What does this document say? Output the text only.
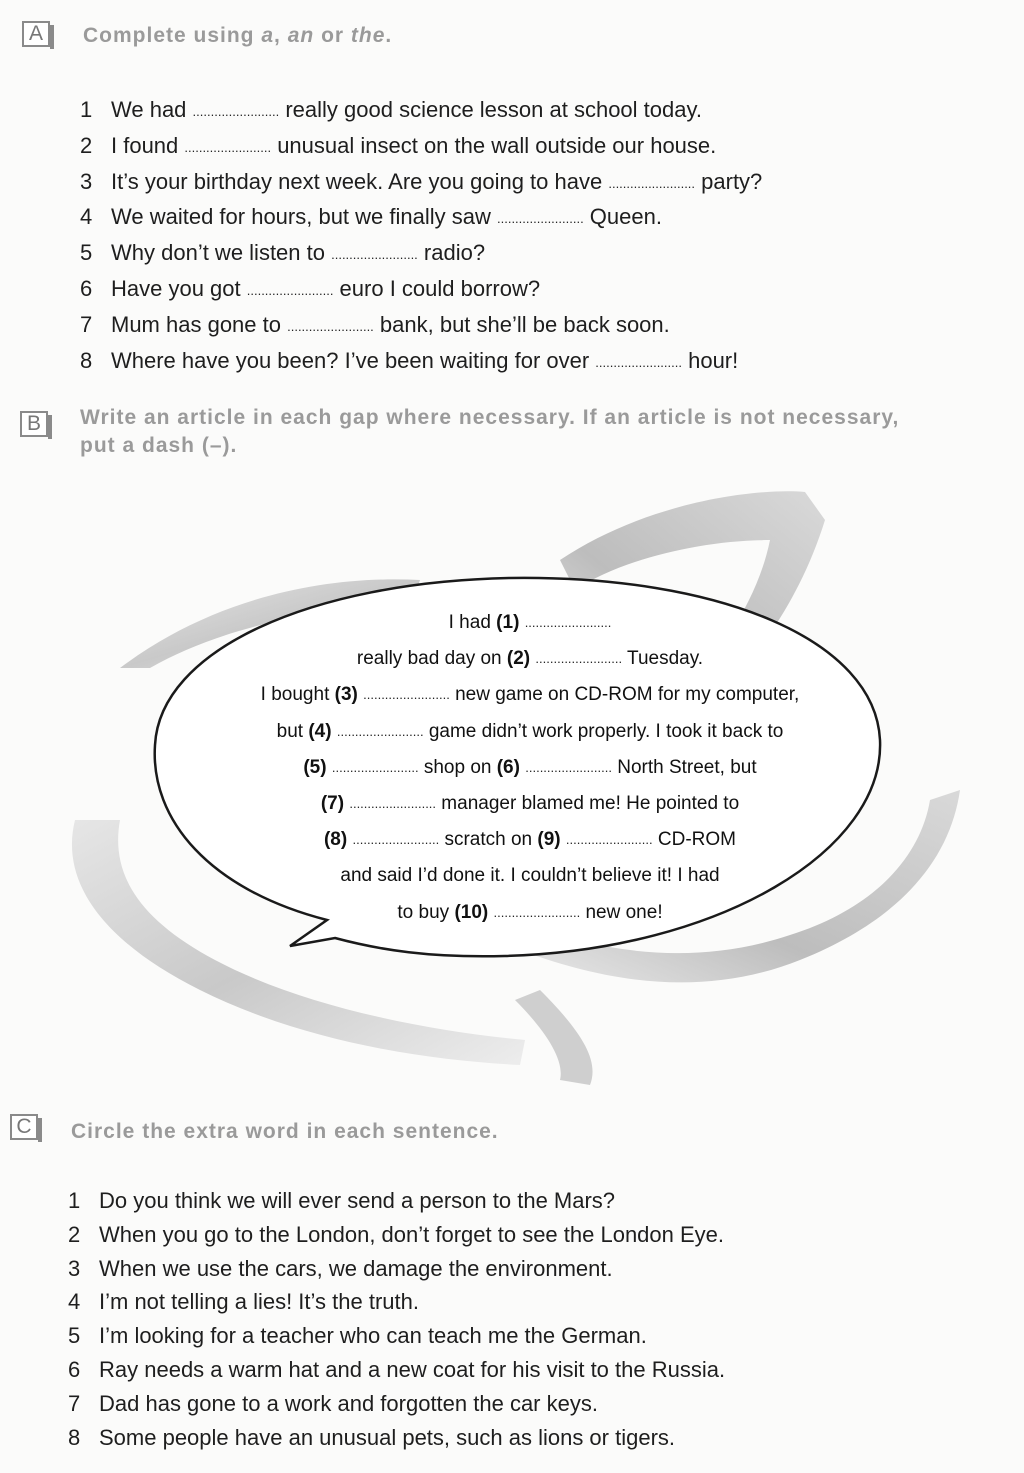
A	Complete using a, an or the.
1 We had ........................ really good science lesson at school today.
2 I found ........................ unusual insect on the wall outside our house.
3 It’s your birthday next week. Are you going to have ........................ party?
4 We waited for hours, but we finally saw ........................ Queen.
5 Why don’t we listen to ........................ radio?
6 Have you got ........................ euro I could borrow?
7 Mum has gone to ........................ bank, but she’ll be back soon.
8 Where have you been? I’ve been waiting for over ........................ hour!
B	Write an article in each gap where necessary. If an article is not necessary,
put a dash (–).
I had (1) ........................
really bad day on (2) ........................ Tuesday.
I bought (3) ........................ new game on CD-ROM for my computer,
but (4) ........................ game didn’t work properly. I took it back to
(5) ........................ shop on (6) ........................ North Street, but
(7) ........................ manager blamed me! He pointed to
(8) ........................ scratch on (9) ........................ CD-ROM
and said I’d done it. I couldn’t believe it! I had
to buy (10) ........................ new one!
C	Circle the extra word in each sentence.
1 Do you think we will ever send a person to the Mars?
2 When you go to the London, don’t forget to see the London Eye.
3 When we use the cars, we damage the environment.
4 I’m not telling a lies! It’s the truth.
5 I’m looking for a teacher who can teach me the German.
6 Ray needs a warm hat and a new coat for his visit to the Russia.
7 Dad has gone to a work and forgotten the car keys.
8 Some people have an unusual pets, such as lions or tigers.
